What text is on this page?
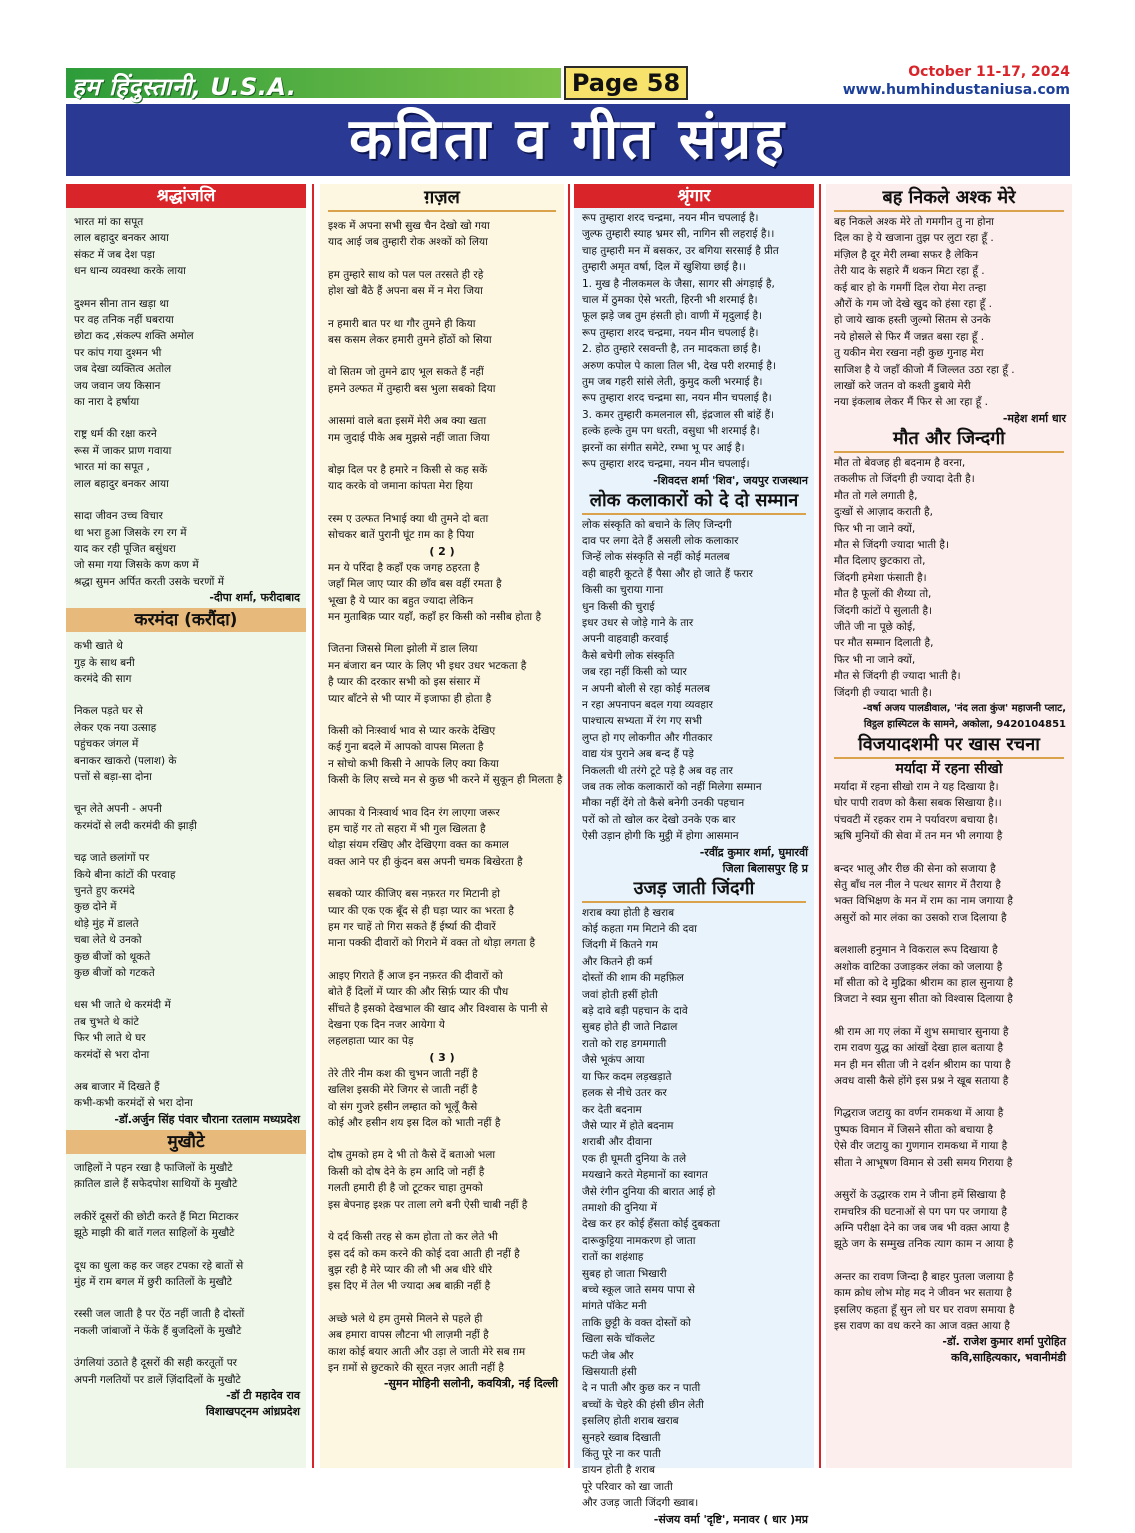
हम हिंदुस्तानी, U.S.A.	Page 58	October 11-17, 2024
www.humhindustaniusa.com
कविता व गीत संग्रह
श्रद्धांजलि
भारत मां का सपूत
लाल बहादुर बनकर आया
संकट में जब देश पड़ा
धन धान्य व्यवस्था करके लाया
दुश्मन सीना तान खड़ा था
पर वह तनिक नहीं घबराया
छोटा कद ,संकल्प शक्ति अमोल
पर कांप गया दुश्मन भी
जब देखा व्यक्तित्व अतोल
जय जवान जय किसान
का नारा दे हर्षाया
राष्ट्र धर्म की रक्षा करने
रूस में जाकर प्राण गवाया
भारत मां का सपूत ,
लाल बहादुर बनकर आया
सादा जीवन उच्च विचार
था भरा हुआ जिसके रग रग में
याद कर रही पूजित बसुंधरा
जो समा गया जिसके कण कण में
श्रद्धा सुमन अर्पित करती उसके चरणों में
-दीपा शर्मा, फरीदाबाद
करमंदा (करौंदा)
कभी खाते थे
गुड़ के साथ बनी
करमंदे की साग
निकल पड़ते घर से
लेकर एक नया उत्साह
पहुंचकर जंगल में
बनाकर खाकरो (पलाश) के
पत्तों से बड़ा-सा दोना
चून लेते अपनी - अपनी
करमंदों से लदी करमंदी की झाड़ी
चढ़ जाते छलांगों पर
किये बीना कांटों की परवाह
चुनते हुए करमंदे
कुछ दोने में
थोड़े मुंह में डालते
चबा लेते थे उनको
कुछ बीजों को थूकते
कुछ बीजों को गटकते
धस भी जाते थे करमंदी में
तब चुभते थे कांटे
फिर भी लाते थे घर
करमंदों से भरा दोना
अब बाजार में दिखते हैं
कभी-कभी करमंदों से भरा दोना
-डॉ.अर्जुन सिंह पंवार चौराना रतलाम मध्यप्रदेश
मुखौटे
जाहिलों ने पहन रखा है फाजिलों के मुखौटे
क़ातिल डाले हैं सफेदपोश साथियों के मुखौटे
लकीरें दूसरों की छोटी करते हैं मिटा मिटाकर
झूठे माझी की बातें गलत साहिलों के मुखौटे
दूध का धुला कह कर जहर टपका रहे बातों से
मुंह में राम बगल में छुरी कातिलों के मुखौटे
रस्सी जल जाती है पर ऐंठ नहीं जाती है दोस्तों
नकली जांबाजों ने फेंके हैं बुजदिलों के मुखौटे
उंगलियां उठाते है दूसरों की सही करतूतों पर
अपनी गलतियों पर डालें ज़िंदादिलों के मुखौटे
-डॉ टी महादेव राव
विशाखपट्नम आंध्रप्रदेश
ग़ज़ल
इश्क में अपना सभी सुख चैन देखो खो गया
याद आई जब तुम्हारी रोक अश्कों को लिया
हम तुम्हारे साथ को पल पल तरसते ही रहे
होश खो बैठे हैं अपना बस में न मेरा जिया
न हमारी बात पर था गौर तुमने ही किया
बस कसम लेकर हमारी तुमने होंठों को सिया
वो सितम जो तुमने ढाए भूल सकते हैं नहीं
हमने उल्फत में तुम्हारी बस भुला सबको दिया
आसमां वाले बता इसमें मेरी अब क्या खता
गम जुदाई पीके अब मुझसे नहीं जाता जिया
बोझ दिल पर है हमारे न किसी से कह सकें
याद करके वो जमाना कांपता मेरा हिया
रस्म ए उल्फत निभाई क्या थी तुमने दो बता
सोचकर बातें पुरानी घूंट ग़म का है पिया
( 2 )
मन ये परिंदा है कहाँ एक जगह ठहरता है
जहाँ मिल जाए प्यार की छाँव बस वहीं रमता है
भूखा है ये प्यार का बहुत ज्यादा लेकिन
मन मुताबिक़ प्यार यहाँ, कहाँ हर किसी को नसीब होता है
जितना जिससे मिला झोली में डाल लिया
मन बंजारा बन प्यार के लिए भी इधर उधर भटकता है
है प्यार की दरकार सभी को इस संसार में
प्यार बाँटने से भी प्यार में इजाफा ही होता है
किसी को निःस्वार्थ भाव से प्यार करके देखिए
कई गुना बदले में आपको वापस मिलता है
न सोचो कभी किसी ने आपके लिए क्या किया
किसी के लिए सच्चे मन से कुछ भी करने में सुकून ही मिलता है
आपका ये निःस्वार्थ भाव दिन रंग लाएगा जरूर
हम चाहें गर तो सहरा में भी गुल खिलता है
थोड़ा संयम रखिए और देखिएगा वक्त का कमाल
वक्त आने पर ही कुंदन बस अपनी चमक बिखेरता है
सबको प्यार कीजिए बस नफ़रत गर मिटानी हो
प्यार की एक एक बूँद से ही घड़ा प्यार का भरता है
हम गर चाहें तो गिरा सकते हैं ईर्ष्या की दीवारें
माना पक्की दीवारों को गिराने में वक्त तो थोड़ा लगता है
आइए गिराते हैं आज इन नफ़रत की दीवारों को
बोते हैं दिलों में प्यार की और सिर्फ़ प्यार की पौध
सींचते है इसको देखभाल की खाद और विश्वास के पानी से
देखना एक दिन नजर आयेगा ये
लहलहाता प्यार का पेड़
( 3 )
तेरे तीरे नीम कश की चुभन जाती नहीं है
खलिश इसकी मेरे जिगर से जाती नहीं है
वो संग गुजरे हसीन लम्हात को भूलूँ कैसे
कोई और हसीन शय इस दिल को भाती नहीं है
दोष तुमको हम दे भी तो कैसे दें बताओ भला
किसी को दोष देने के हम आदि जो नहीं है
गलती हमारी ही है जो टूटकर चाहा तुमको
इस बेपनाह इश्क़ पर ताला लगे बनी ऐसी चाबी नहीं है
ये दर्द किसी तरह से कम होता तो कर लेते भी
इस दर्द को कम करने की कोई दवा आती ही नहीं है
बुझ रही है मेरे प्यार की लौ भी अब धीरे धीरे
इस दिए में तेल भी ज्यादा अब बाक़ी नहीं है
अच्छे भले थे हम तुमसे मिलने से पहले ही
अब हमारा वापस लौटना भी लाज़मी नहीं है
काश कोई बयार आती और उड़ा ले जाती मेरे सब ग़म
इन ग़मों से छुटकारे की सूरत नज़र आती नहीं है
-सुमन मोहिनी सलोनी, कवयित्री, नई दिल्ली
श्रृंगार
रूप तुम्हारा शरद चन्द्रमा, नयन मीन चपलाई है।
जुल्फ तुम्हारी स्याह भ्रमर सी, नागिन सी लहराई है।।
चाह तुम्हारी मन में बसकर, उर बगिया सरसाई है प्रीत
तुम्हारी अमृत वर्षा, दिल में खुशिया छाई है।।
1. मुख है नीलकमल के जैसा, सागर सी अंगड़ाई है,
चाल में ठुमका ऐसे भरती, हिरनी भी शरमाई है।
फूल झड़े जब तुम हंसती हो। वाणी में मृदुलाई है।
रूप तुम्हारा शरद चन्द्रमा, नयन मीन चपलाई है।
2. होठ तुम्हारे रसवन्ती है, तन मादकता छाई है।
अरुण कपोल पे काला तिल भी, देख परी शरमाई है।
तुम जब गहरी सांसे लेती, कुमुद कली भरमाई है।
रूप तुम्हारा शरद चन्द्रमा सा, नयन मीन चपलाई है।
3. कमर तुम्हारी कमलनाल सी, इंद्रजाल सी बांहें हैं।
हल्के हल्के तुम पग धरती, वसुधा भी शरमाई है।
झरनों का संगीत समेटे, रम्भा भू पर आई है।
रूप तुम्हारा शरद चन्द्रमा, नयन मीन चपलाई।
-शिवदत्त शर्मा 'शिव', जयपुर राजस्थान
लोक कलाकारों को दे दो सम्मान
लोक संस्कृति को बचाने के लिए जिन्दगी
दाव पर लगा देते हैं असली लोक कलाकार
जिन्हें लोक संस्कृति से नहीं कोई मतलब
वही बाहरी कूटते हैं पैसा और हो जाते हैं फरार
किसी का चुराया गाना
धुन किसी की चुराई
इधर उधर से जोड़े गाने के तार
अपनी वाहवाही करवाई
कैसे बचेगी लोक संस्कृति
जब रहा नहीं किसी को प्यार
न अपनी बोली से रहा कोई मतलब
न रहा अपनापन बदल गया व्यवहार
पाश्चात्य सभ्यता में रंग गए सभी
लुप्त हो गए लोकगीत और गीतकार
वाद्य यंत्र पुराने अब बन्द हैं पड़े
निकलती थी तरंगे टूटे पड़े है अब वह तार
जब तक लोक कलाकारों को नहीं मिलेगा सम्मान
मौका नहीं देंगे तो कैसे बनेगी उनकी पहचान
परों को तो खोल कर देखो उनके एक बार
ऐसी उड़ान होगी कि मुट्ठी में होगा आसमान
-रवींद्र कुमार शर्मा, घुमारवीं
जिला बिलासपुर हि प्र
उजड़ जाती जिंदगी
शराब क्या होती है खराब
कोई कहता गम मिटाने की दवा
जिंदगी में कितने गम
और कितने ही कर्म
दोस्तों की शाम की महफ़िल
जवां होती हसीं होती
बड़े दावे बड़ी पहचान के दावे
सुबह होते ही जाते निढाल
रातो को राह डगमगाती
जैसे भूकंप आया
या फिर कदम लड़खड़ाते
हलक से नीचे उतर कर
कर देती बदनाम
जैसे प्यार में होते बदनाम
शराबी और दीवाना
एक ही घूमती दुनिया के तले
मयखाने करते मेहमानों का स्वागत
जैसे रंगीन दुनिया की बारात आई हो
तमाशो की दुनिया में
देख कर हर कोई हँसता कोई दुबकता
दारूकुट्टिया नामकरण हो जाता
रातों का शहंशाह
सुबह हो जाता भिखारी
बच्चे स्कूल जाते समय पापा से
मांगते पॉकेट मनी
ताकि छुट्टी के वक्त दोस्तों को
खिला सके चॉकलेट
फटी जेब और
खिसयाती हंसी
दे न पाती और कुछ कर न पाती
बच्चों के चेहरे की हंसी छीन लेती
इसलिए होती शराब खराब
सुनहरे ख्वाब दिखाती
किंतु पूरे ना कर पाती
डायन होती है शराब
पूरे परिवार को खा जाती
और उजड़ जाती जिंदगी ख्वाब।
-संजय वर्मा 'दृष्टि', मनावर ( धार )मप्र
बह निकले अश्क मेरे
बह निकले अश्क मेरे तो गमगीन तु ना होना
दिल का हे ये खजाना तुझ पर लुटा रहा हूँ .
मंज़िल है दूर मेरी लम्बा सफर है लेकिन
तेरी याद के सहारे मैं थकन मिटा रहा हूँ .
कई बार हो के गमगीं दिल रोया मेरा तन्हा
औरों के गम जो देखे खुद को हंसा रहा हूँ .
हो जाये खाक हस्ती जुल्मो सितम से उनके
नये होसले से फिर मैं जन्नत बसा रहा हूँ .
तु यकीन मेरा रखना नही कुछ गुनाह मेरा
साजिश है ये जहाँ कीजो मैं जिल्लत उठा रहा हूँ .
लाखों करे जतन वो कश्ती डुबाये मेरी
नया इंकलाब लेकर मैं फिर से आ रहा हूँ .
-महेश शर्मा धार
मौत और जिन्दगी
मौत तो बेवजह ही बदनाम है वरना,
तकलीफ तो जिंदगी ही ज्यादा देती है।
मौत तो गले लगाती है,
दुःखों से आज़ाद कराती है,
फिर भी ना जाने क्यों,
मौत से जिंदगी ज्यादा भाती है।
मौत दिलाए छुटकारा तो,
जिंदगी हमेशा फंसाती है।
मौत है फूलों की शैय्या तो,
जिंदगी कांटों पे सुलाती है।
जीते जी ना पूछे कोई,
पर मौत सम्मान दिलाती है,
फिर भी ना जाने क्यों,
मौत से जिंदगी ही ज्यादा भाती है।
जिंदगी ही ज्यादा भाती है।
-वर्षा अजय पालडीवाल, 'नंद लता कुंज' महाजनी प्लाट,
विट्ठल हास्पिटल के सामने, अकोला, 9420104851
विजयादशमी पर खास रचना
मर्यादा में रहना सीखो
मर्यादा में रहना सीखो राम ने यह दिखाया है।
घोर पापी रावण को कैसा सबक सिखाया है।।
पंचवटी में रहकर राम ने पर्यावरण बचाया है।
ऋषि मुनियों की सेवा में तन मन भी लगाया है
बन्दर भालू और रीछ की सेना को सजाया है
सेतु बाँध नल नील ने पत्थर सागर में तैराया है
भक्त विभिक्षण के मन में राम का नाम जगाया है
असुरों को मार लंका का उसको राज दिलाया है
बलशाली हनुमान ने विकराल रूप दिखाया है
अशोक वाटिका उजाड़कर लंका को जलाया है
माँ सीता को दे मुद्रिका श्रीराम का हाल सुनाया है
त्रिजटा ने स्वप्न सुना सीता को विश्वास दिलाया है
श्री राम आ गए लंका में शुभ समाचार सुनाया है
राम रावण युद्ध का आंखों देखा हाल बताया है
मन ही मन सीता जी ने दर्शन श्रीराम का पाया है
अवध वासी कैसे होंगे इस प्रश्न ने खूब सताया है
गिद्धराज जटायु का वर्णन रामकथा में आया है
पुष्पक विमान में जिसने सीता को बचाया है
ऐसे वीर जटायु का गुणगान रामकथा में गाया है
सीता ने आभूषण विमान से उसी समय गिराया है
असुरों के उद्धारक राम ने जीना हमें सिखाया है
रामचरित्र की घटनाओं से पग पग पर जगाया है
अग्नि परीक्षा देने का जब जब भी वक़्त आया है
झूठे जग के सम्मुख तनिक त्याग काम न आया है
अन्तर का रावण जिन्दा है बाहर पुतला जलाया है
काम क्रोध लोभ मोह मद ने जीवन भर सताया है
इसलिए कहता हूँ सुन लो घर घर रावण समाया है
इस रावण का वध करने का आज वक़्त आया है
-डॉ. राजेश कुमार शर्मा पुरोहित
कवि,साहित्यकार, भवानीमंडी
